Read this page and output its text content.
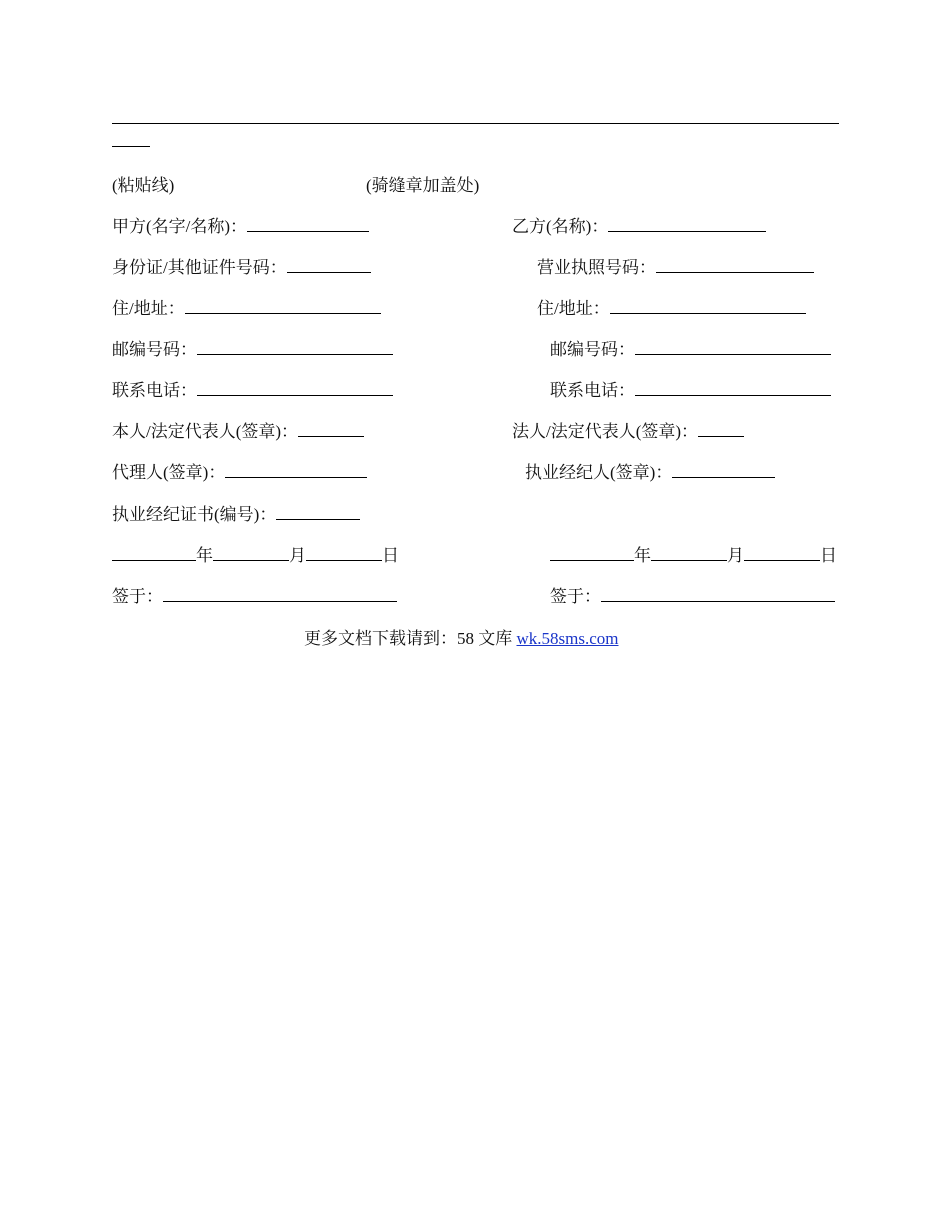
(粘贴线)	(骑缝章加盖处)
甲方(名字/名称)：	乙方(名称)：
身份证/其他证件号码：	营业执照号码：
住/地址：	住/地址：
邮编号码：	邮编号码：
联系电话：	联系电话：
本人/法定代表人(签章)：	法人/法定代表人(签章)：
代理人(签章)：	执业经纪人(签章)：
执业经纪证书(编号)：
年	月	日	年	月	日
签于：	签于：
更多文档下载请到：58 文库 wk.58sms.com
